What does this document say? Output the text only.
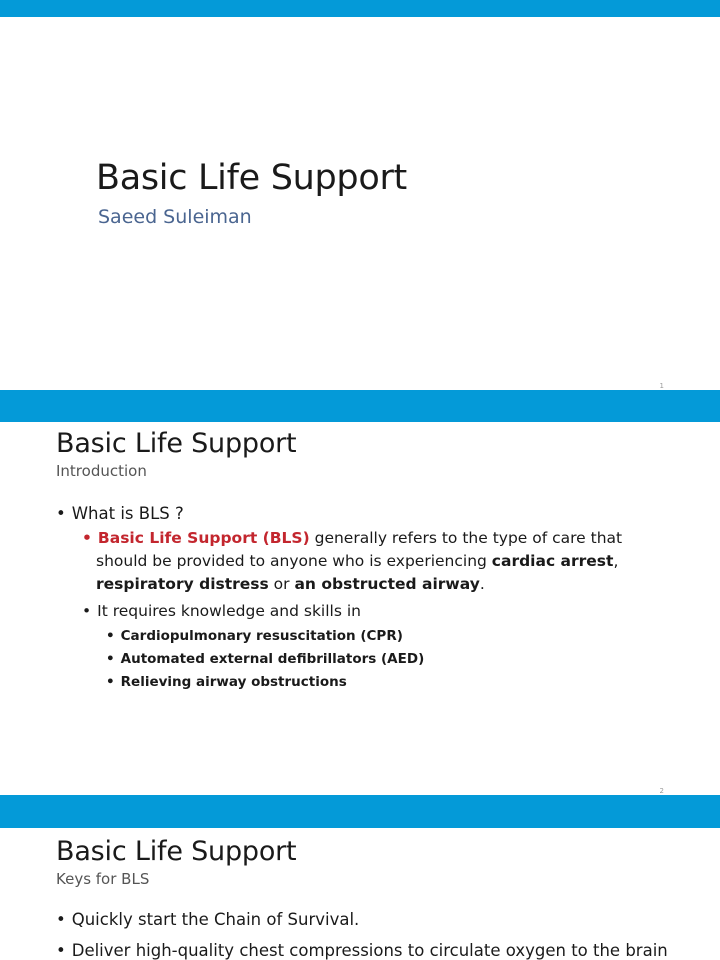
Basic Life Support
Saeed Suleiman
1
Basic Life Support
Introduction
• What is BLS ?
• Basic Life Support (BLS) generally refers to the type of care that
should be provided to anyone who is experiencing cardiac arrest,
respiratory distress or an obstructed airway.
• It requires knowledge and skills in
• Cardiopulmonary resuscitation (CPR)
• Automated external defibrillators (AED)
• Relieving airway obstructions
2
Basic Life Support
Keys for BLS
• Quickly start the Chain of Survival.
• Deliver high-quality chest compressions to circulate oxygen to the brain
